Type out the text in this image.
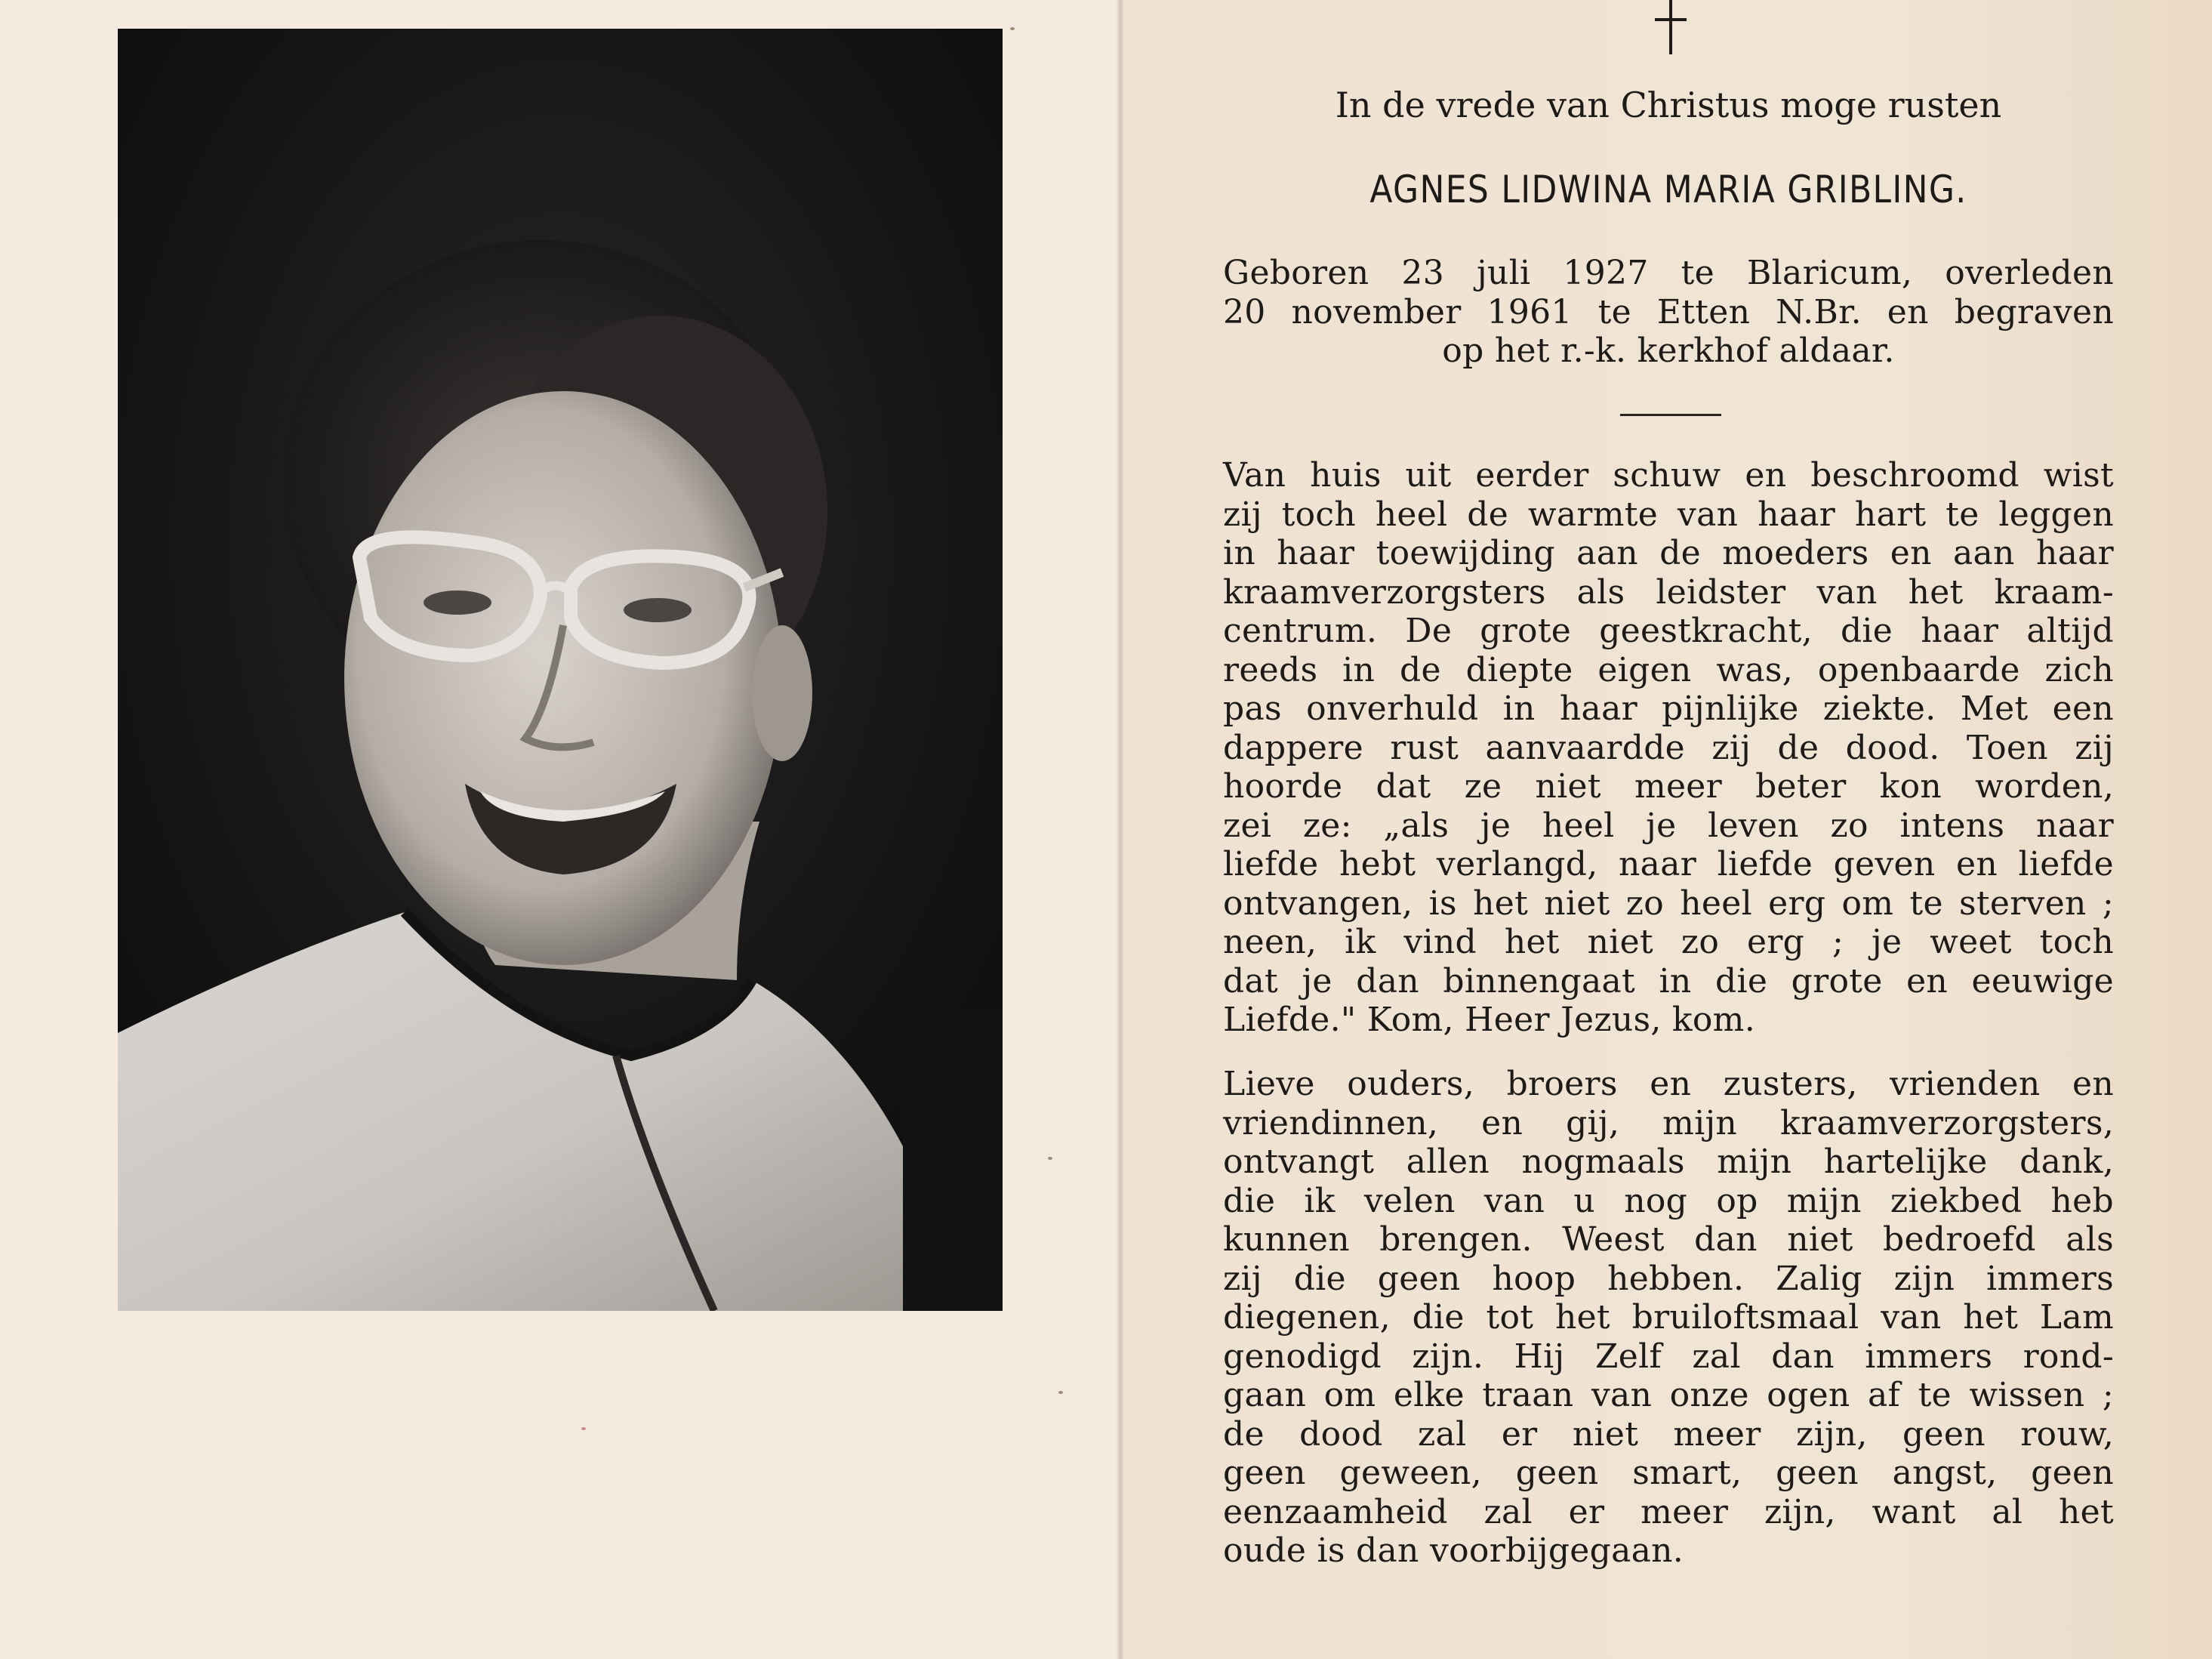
In de vrede van Christus moge rusten
AGNES LIDWINA MARIA GRIBLING.
Geboren 23 juli 1927 te Blaricum, overleden
20 november 1961 te Etten N.Br. en begraven
op het r.-k. kerkhof aldaar.
Van huis uit eerder schuw en beschroomd wist
zij toch heel de warmte van haar hart te leggen
in haar toewijding aan de moeders en aan haar
kraamverzorgsters als leidster van het kraam-
centrum. De grote geestkracht, die haar altijd
reeds in de diepte eigen was, openbaarde zich
pas onverhuld in haar pijnlijke ziekte. Met een
dappere rust aanvaardde zij de dood. Toen zij
hoorde dat ze niet meer beter kon worden,
zei ze: „als je heel je leven zo intens naar
liefde hebt verlangd, naar liefde geven en liefde
ontvangen, is het niet zo heel erg om te sterven ;
neen, ik vind het niet zo erg ; je weet toch
dat je dan binnengaat in die grote en eeuwige
Liefde." Kom, Heer Jezus, kom.
Lieve ouders, broers en zusters, vrienden en
vriendinnen, en gij, mijn kraamverzorgsters,
ontvangt allen nogmaals mijn hartelijke dank,
die ik velen van u nog op mijn ziekbed heb
kunnen brengen. Weest dan niet bedroefd als
zij die geen hoop hebben. Zalig zijn immers
diegenen, die tot het bruiloftsmaal van het Lam
genodigd zijn. Hij Zelf zal dan immers rond-
gaan om elke traan van onze ogen af te wissen ;
de dood zal er niet meer zijn, geen rouw,
geen geween, geen smart, geen angst, geen
eenzaamheid zal er meer zijn, want al het
oude is dan voorbijgegaan.
